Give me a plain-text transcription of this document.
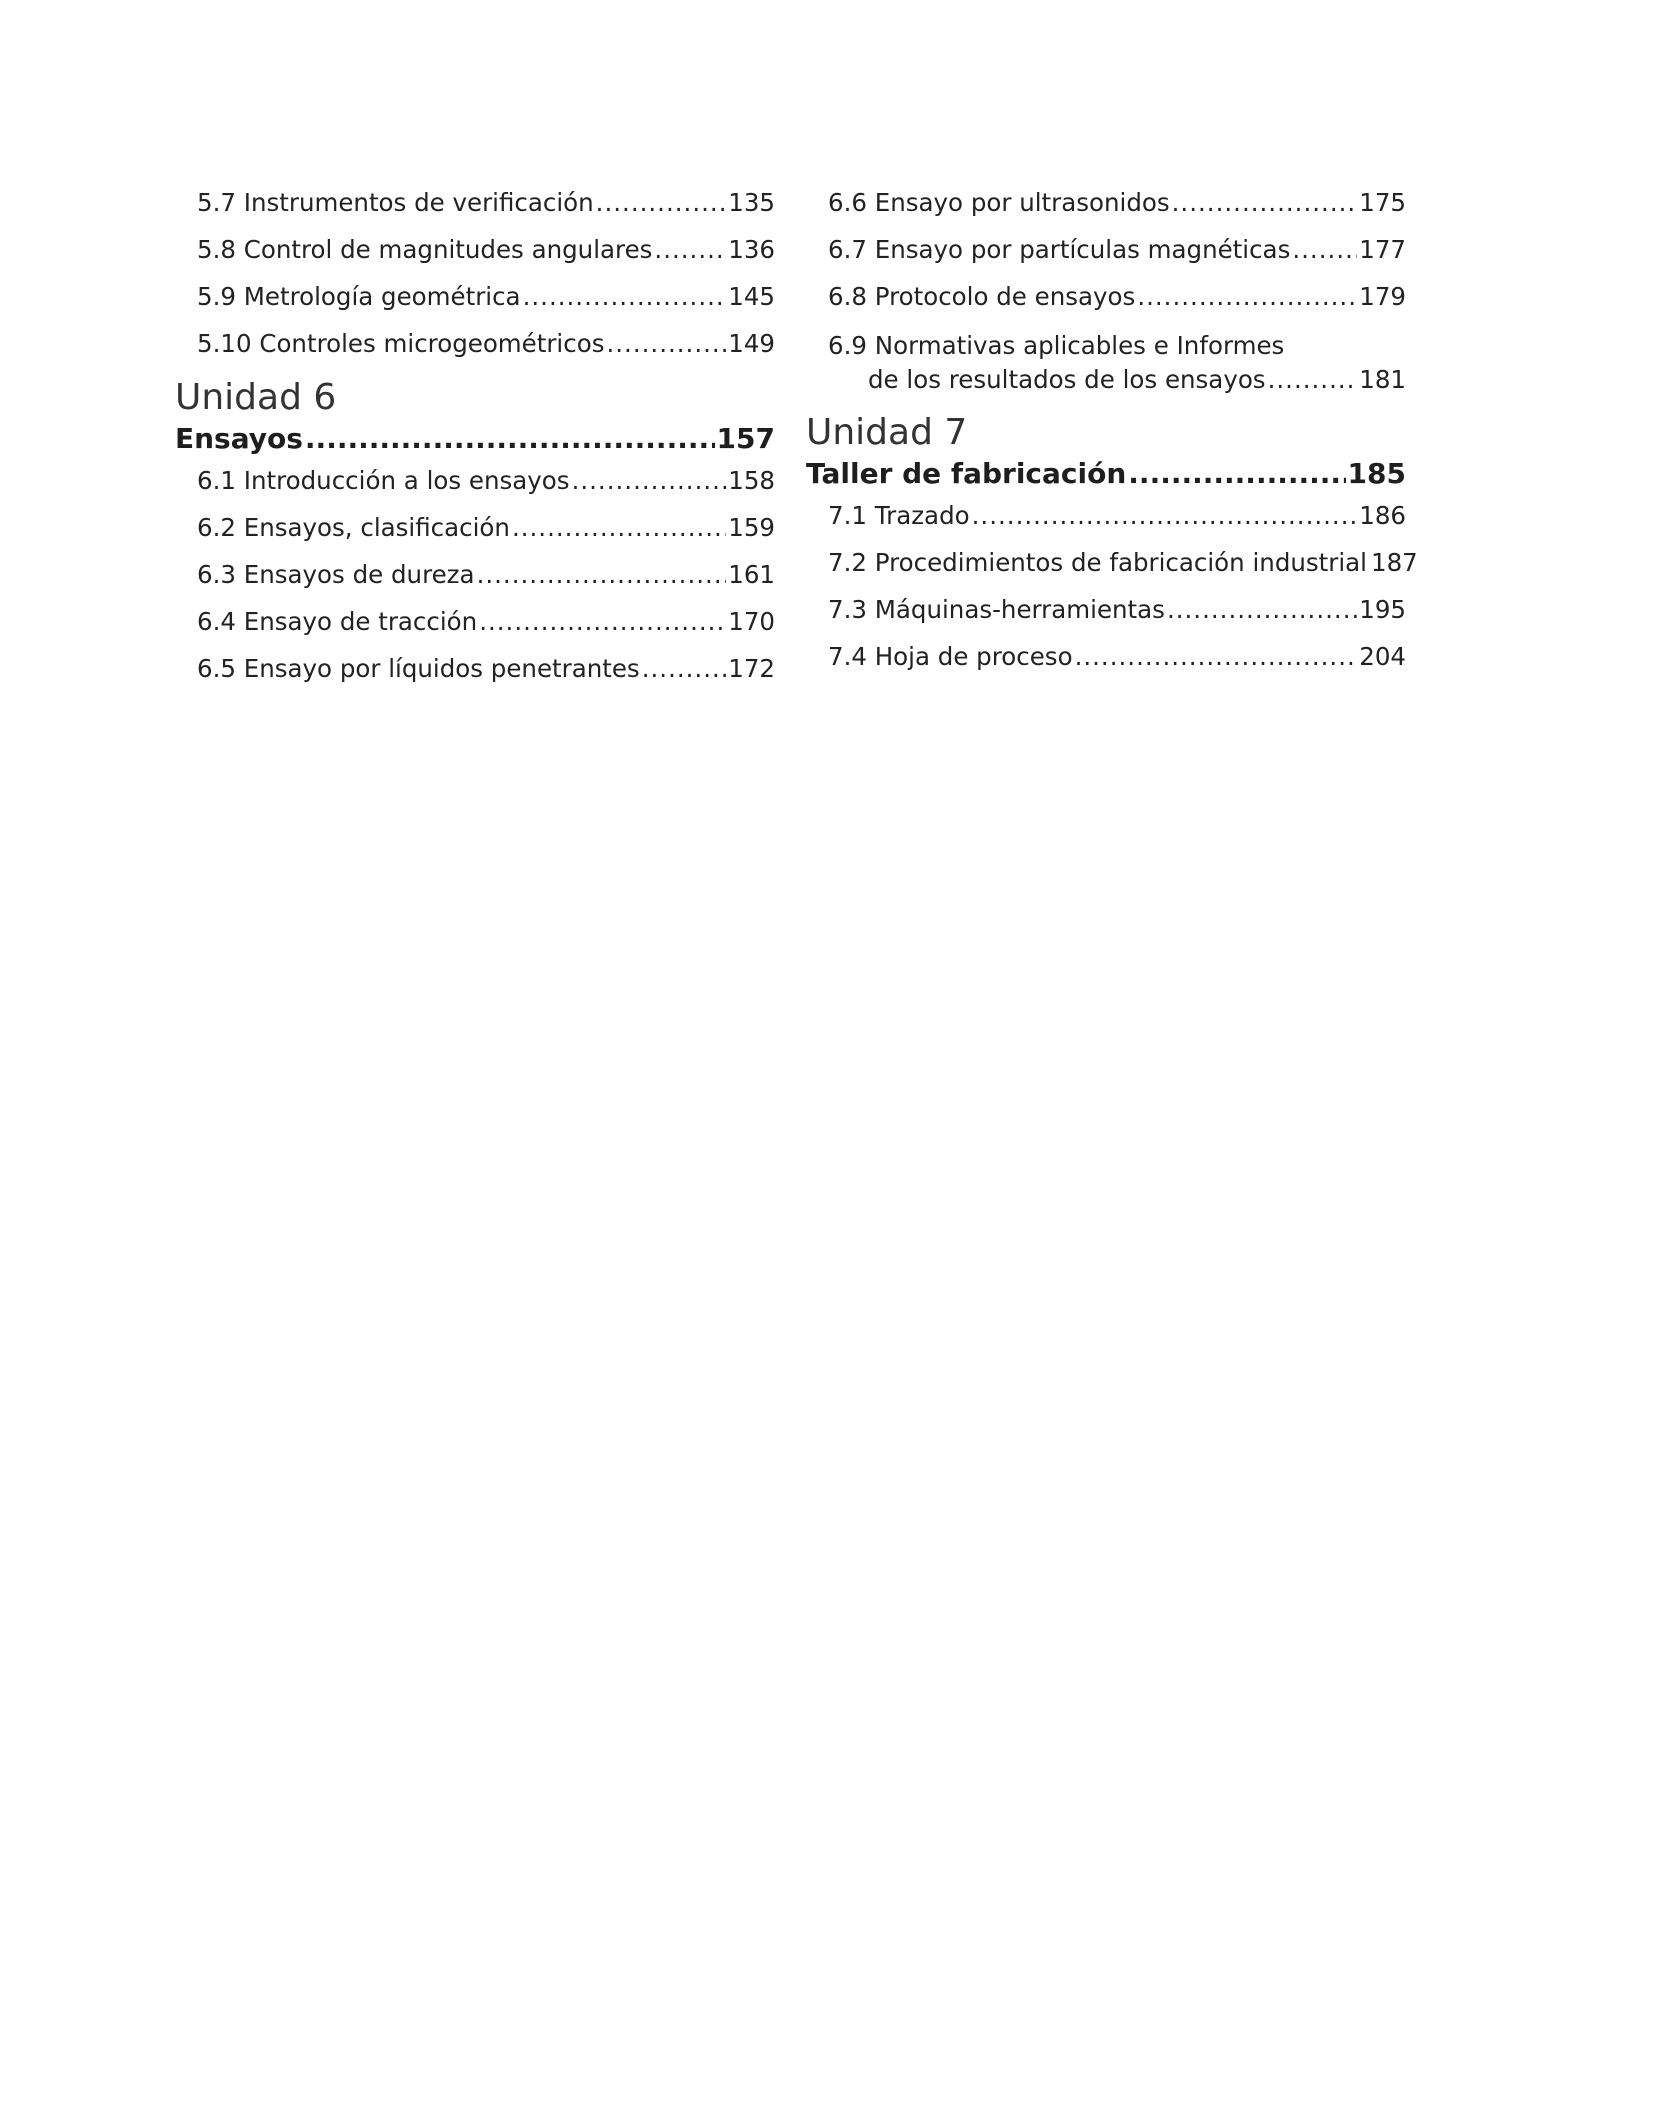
5.7 Instrumentos de verificación .....	135
5.8 Control de magnitudes angulares .....	136
5.9 Metrología geométrica .....	145
5.10 Controles microgeométricos .....	149
Unidad 6
Ensayos .....	157
6.1 Introducción a los ensayos .....	158
6.2 Ensayos, clasificación .....	159
6.3 Ensayos de dureza .....	161
6.4 Ensayo de tracción .....	170
6.5 Ensayo por líquidos penetrantes .....	172
6.6 Ensayo por ultrasonidos .....	175
6.7 Ensayo por partículas magnéticas .....	177
6.8 Protocolo de ensayos .....	179
6.9 Normativas aplicables e Informes
de los resultados de los ensayos .....	181
Unidad 7
Taller de fabricación .....	185
7.1 Trazado .....	186
7.2 Procedimientos de fabricación industrial 187
7.3 Máquinas-herramientas .....	195
7.4 Hoja de proceso .....	204
